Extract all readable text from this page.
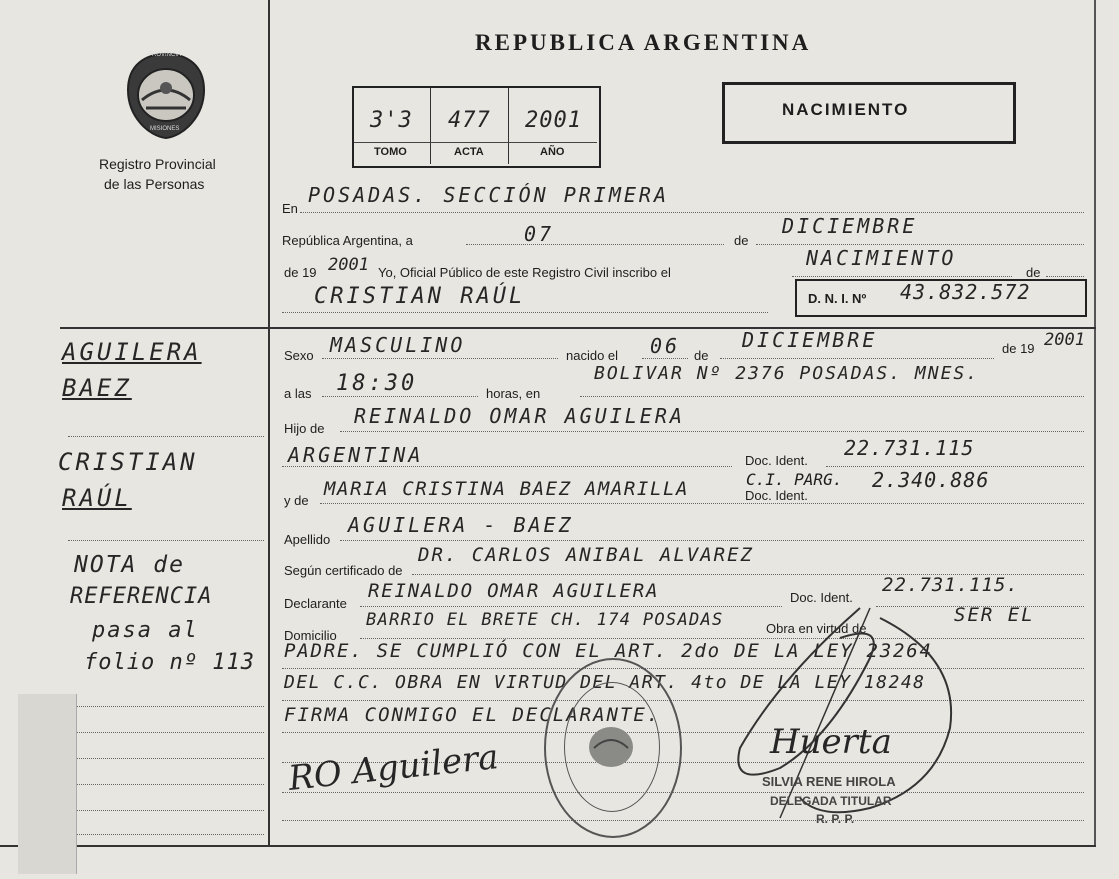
PROVINCIA
MISIONES
Registro Provincial
de las Personas
REPUBLICA ARGENTINA
3'3 477 2001
TOMO	ACTA	AÑO
NACIMIENTO
AGUILERA
BAEZ
CRISTIAN
RAÚL
NOTA de
REFERENCIA
pasa al
folio nº 113
En
POSADAS. SECCIÓN PRIMERA
República Argentina, a	07	de
DICIEMBRE
de 19 2001 Yo, Oficial Público de este Registro Civil inscribo el
NACIMIENTO
de
CRISTIAN RAÚL	D. N. I. Nº 43.832.572
Sexo MASCULINO	nacido el 06 de
DICIEMBRE	de 19 2001
a las 18:30	horas, en
BOLIVAR Nº 2376 POSADAS. MNES.
Hijo de
REINALDO OMAR AGUILERA
ARGENTINA	Doc. Ident.
22.731.115
y de
MARIA CRISTINA BAEZ AMARILLA	C.I. PARG.
Doc. Ident.
2.340.886
Apellido
AGUILERA - BAEZ
Según certificado de
DR. CARLOS ANIBAL ALVAREZ
Declarante
REINALDO OMAR AGUILERA	Doc. Ident.
22.731.115.
Domicilio
BARRIO EL BRETE CH. 174 POSADAS	Obra en virtud de
SER EL
PADRE. SE CUMPLIÓ CON EL ART. 2do DE LA LEY 23264
DEL C.C. OBRA EN VIRTUD DEL ART. 4to DE LA LEY 18248
FIRMA CONMIGO EL DECLARANTE.
RO Aguilera	Huerta
SILVIA RENE HIROLA
DELEGADA TITULAR
R. P. P.
